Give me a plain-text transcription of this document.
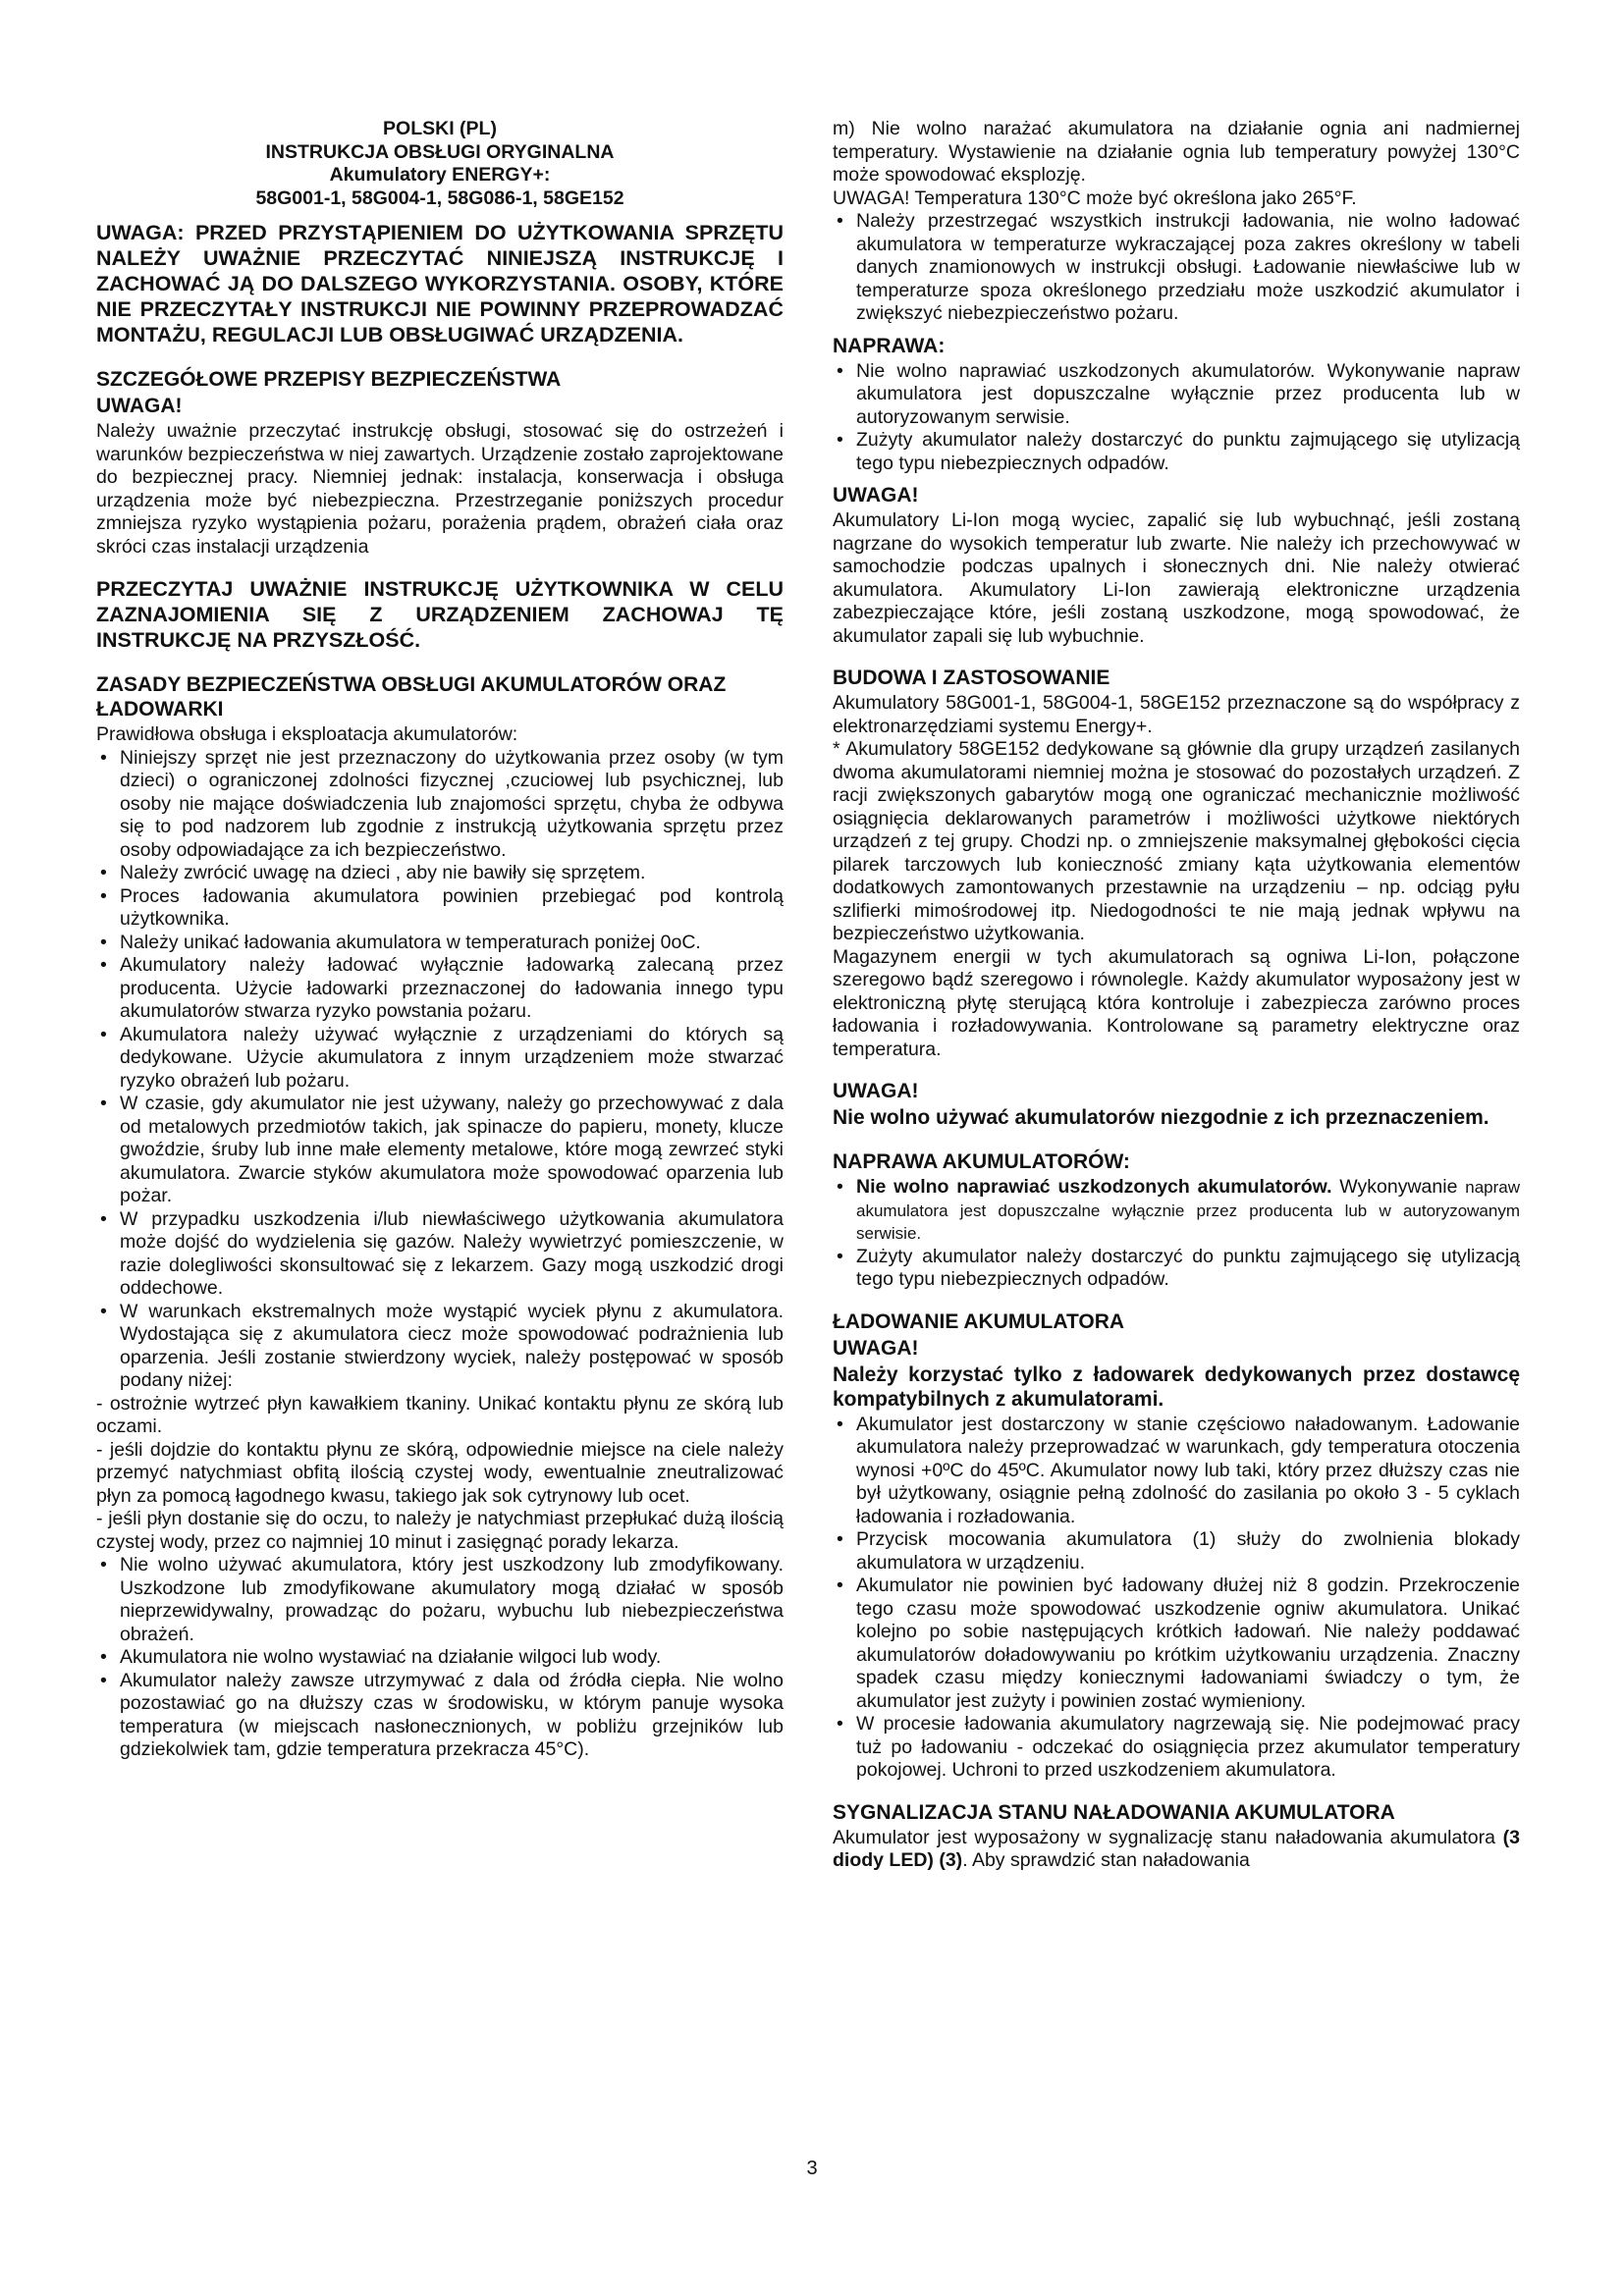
POLSKI (PL)
INSTRUKCJA OBSŁUGI ORYGINALNA
Akumulatory ENERGY+:
58G001-1, 58G004-1, 58G086-1, 58GE152
UWAGA: PRZED PRZYSTĄPIENIEM DO UŻYTKOWANIA SPRZĘTU NALEŻY UWAŻNIE PRZECZYTAĆ NINIEJSZĄ INSTRUKCJĘ I ZACHOWAĆ JĄ DO DALSZEGO WYKORZYSTANIA. OSOBY, KTÓRE NIE PRZECZYTAŁY INSTRUKCJI NIE POWINNY PRZEPROWADZAĆ MONTAŻU, REGULACJI LUB OBSŁUGIWAĆ URZĄDZENIA.
SZCZEGÓŁOWE PRZEPISY BEZPIECZEŃSTWA
UWAGA!

Należy uważnie przeczytać instrukcję obsługi, stosować się do ostrzeżeń i warunków bezpieczeństwa w niej zawartych. Urządzenie zostało zaprojektowane do bezpiecznej pracy. Niemniej jednak: instalacja, konserwacja i obsługa urządzenia może być niebezpieczna. Przestrzeganie poniższych procedur zmniejsza ryzyko wystąpienia pożaru, porażenia prądem, obrażeń ciała oraz skróci czas instalacji urządzenia

PRZECZYTAJ UWAŻNIE INSTRUKCJĘ UŻYTKOWNIKA W CELU ZAZNAJOMIENIA SIĘ Z URZĄDZENIEM ZACHOWAJ TĘ INSTRUKCJĘ NA PRZYSZŁOŚĆ.
ZASADY BEZPIECZEŃSTWA OBSŁUGI AKUMULATORÓW ORAZ ŁADOWARKI

Prawidłowa obsługa i eksploatacja akumulatorów:

• Niniejszy sprzęt nie jest przeznaczony do użytkowania przez osoby (w tym dzieci) o ograniczonej zdolności fizycznej ,czuciowej lub psychicznej, lub osoby nie mające doświadczenia lub znajomości sprzętu, chyba że odbywa się to pod nadzorem lub zgodnie z instrukcją użytkowania sprzętu przez osoby odpowiadające za ich bezpieczeństwo.
• Należy zwrócić uwagę na dzieci , aby nie bawiły się sprzętem.
• Proces ładowania akumulatora powinien przebiegać pod kontrolą użytkownika.
• Należy unikać ładowania akumulatora w temperaturach poniżej 0oC.
• Akumulatory należy ładować wyłącznie ładowarką zalecaną przez producenta. Użycie ładowarki przeznaczonej do ładowania innego typu akumulatorów stwarza ryzyko powstania pożaru.
• Akumulatora należy używać wyłącznie z urządzeniami do których są dedykowane. Użycie akumulatora z innym urządzeniem może stwarzać ryzyko obrażeń lub pożaru.
• W czasie, gdy akumulator nie jest używany, należy go przechowywać z dala od metalowych przedmiotów takich, jak spinacze do papieru, monety, klucze gwoździe, śruby lub inne małe elementy metalowe, które mogą zewrzeć styki akumulatora. Zwarcie styków akumulatora może spowodować oparzenia lub pożar.
• W przypadku uszkodzenia i/lub niewłaściwego użytkowania akumulatora może dojść do wydzielenia się gazów. Należy wywietrzyć pomieszczenie, w razie dolegliwości skonsultować się z lekarzem. Gazy mogą uszkodzić drogi oddechowe.
• W warunkach ekstremalnych może wystąpić wyciek płynu z akumulatora. Wydostająca się z akumulatora ciecz może spowodować podrażnienia lub oparzenia. Jeśli zostanie stwierdzony wyciek, należy postępować w sposób podany niżej:

- ostrożnie wytrzeć płyn kawałkiem tkaniny. Unikać kontaktu płynu ze skórą lub oczami.

- jeśli dojdzie do kontaktu płynu ze skórą, odpowiednie miejsce na ciele należy przemyć natychmiast obfitą ilością czystej wody, ewentualnie zneutralizować płyn za pomocą łagodnego kwasu, takiego jak sok cytrynowy lub ocet.

- jeśli płyn dostanie się do oczu, to należy je natychmiast przepłukać dużą ilością czystej wody, przez co najmniej 10 minut i zasięgnąć porady lekarza.

• Nie wolno używać akumulatora, który jest uszkodzony lub zmodyfikowany. Uszkodzone lub zmodyfikowane akumulatory mogą działać w sposób nieprzewidywalny, prowadząc do pożaru, wybuchu lub niebezpieczeństwa obrażeń.
• Akumulatora nie wolno wystawiać na działanie wilgoci lub wody.
• Akumulator należy zawsze utrzymywać z dala od źródła ciepła. Nie wolno pozostawiać go na dłuższy czas w środowisku, w którym panuje wysoka temperatura (w miejscach nasłonecznionych, w pobliżu grzejników lub gdziekolwiek tam, gdzie temperatura przekracza 45°C).

m) Nie wolno narażać akumulatora na działanie ognia ani nadmiernej temperatury. Wystawienie na działanie ognia lub temperatury powyżej 130°C może spowodować eksplozję.

UWAGA! Temperatura 130°C może być określona jako 265°F.

• Należy przestrzegać wszystkich instrukcji ładowania, nie wolno ładować akumulatora w temperaturze wykraczającej poza zakres określony w tabeli danych znamionowych w instrukcji obsługi. Ładowanie niewłaściwe lub w temperaturze spoza określonego przedziału może uszkodzić akumulator i zwiększyć niebezpieczeństwo pożaru.
NAPRAWA:
• Nie wolno naprawiać uszkodzonych akumulatorów. Wykonywanie napraw akumulatora jest dopuszczalne wyłącznie przez producenta lub w autoryzowanym serwisie.
• Zużyty akumulator należy dostarczyć do punktu zajmującego się utylizacją tego typu niebezpiecznych odpadów.
UWAGA!

Akumulatory Li-Ion mogą wyciec, zapalić się lub wybuchnąć, jeśli zostaną nagrzane do wysokich temperatur lub zwarte. Nie należy ich przechowywać w samochodzie podczas upalnych i słonecznych dni. Nie należy otwierać akumulatora. Akumulatory Li-Ion zawierają elektroniczne urządzenia zabezpieczające które, jeśli zostaną uszkodzone, mogą spowodować, że akumulator zapali się lub wybuchnie.

BUDOWA I ZASTOSOWANIE

Akumulatory 58G001-1, 58G004-1, 58GE152 przeznaczone są do współpracy z elektronarzędziami systemu Energy+.

* Akumulatory 58GE152 dedykowane są głównie dla grupy urządzeń zasilanych dwoma akumulatorami niemniej można je stosować do pozostałych urządzeń. Z racji zwiększonych gabarytów mogą one ograniczać mechanicznie możliwość osiągnięcia deklarowanych parametrów i możliwości użytkowe niektórych urządzeń z tej grupy. Chodzi np. o zmniejszenie maksymalnej głębokości cięcia pilarek tarczowych lub konieczność zmiany kąta użytkowania elementów dodatkowych zamontowanych przestawnie na urządzeniu – np. odciąg pyłu szlifierki mimośrodowej itp. Niedogodności te nie mają jednak wpływu na bezpieczeństwo użytkowania.

Magazynem energii w tych akumulatorach są ogniwa Li-Ion, połączone szeregowo bądź szeregowo i równolegle. Każdy akumulator wyposażony jest w elektroniczną płytę sterującą która kontroluje i zabezpiecza zarówno proces ładowania i rozładowywania. Kontrolowane są parametry elektryczne oraz temperatura.

UWAGA!
Nie wolno używać akumulatorów niezgodnie z ich przeznaczeniem.
NAPRAWA AKUMULATORÓW:
• Nie wolno naprawiać uszkodzonych akumulatorów. Wykonywanie napraw akumulatora jest dopuszczalne wyłącznie przez producenta lub w autoryzowanym serwisie.
• Zużyty akumulator należy dostarczyć do punktu zajmującego się utylizacją tego typu niebezpiecznych odpadów.
ŁADOWANIE AKUMULATORA
UWAGA!
Należy korzystać tylko z ładowarek dedykowanych przez dostawcę kompatybilnych z akumulatorami.
• Akumulator jest dostarczony w stanie częściowo naładowanym. Ładowanie akumulatora należy przeprowadzać w warunkach, gdy temperatura otoczenia wynosi +0ºC do 45ºC. Akumulator nowy lub taki, który przez dłuższy czas nie był użytkowany, osiągnie pełną zdolność do zasilania po około 3 - 5 cyklach ładowania i rozładowania.
• Przycisk mocowania akumulatora (1) służy do zwolnienia blokady akumulatora w urządzeniu.
• Akumulator nie powinien być ładowany dłużej niż 8 godzin. Przekroczenie tego czasu może spowodować uszkodzenie ogniw akumulatora. Unikać kolejno po sobie następujących krótkich ładowań. Nie należy poddawać akumulatorów doładowywaniu po krótkim użytkowaniu urządzenia. Znaczny spadek czasu między koniecznymi ładowaniami świadczy o tym, że akumulator jest zużyty i powinien zostać wymieniony.
• W procesie ładowania akumulatory nagrzewają się. Nie podejmować pracy tuż po ładowaniu - odczekać do osiągnięcia przez akumulator temperatury pokojowej. Uchroni to przed uszkodzeniem akumulatora.
SYGNALIZACJA STANU NAŁADOWANIA AKUMULATORA

Akumulator jest wyposażony w sygnalizację stanu naładowania akumulatora (3 diody LED) (3). Aby sprawdzić stan naładowania

3
